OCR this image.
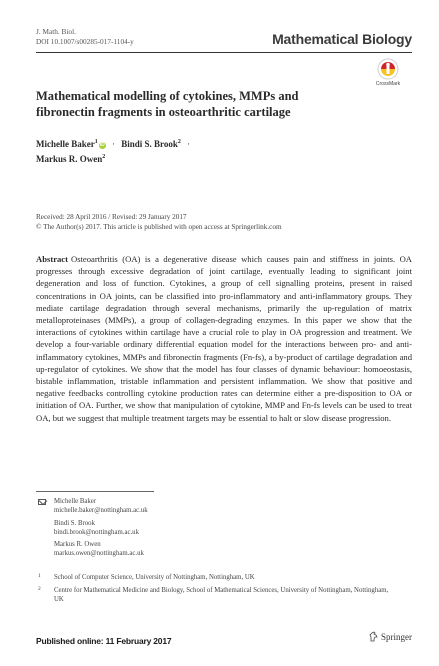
J. Math. Biol.
DOI 10.1007/s00285-017-1104-y	Mathematical Biology
CrossMark
Mathematical modelling of cytokines, MMPs and fibronectin fragments in osteoarthritic cartilage
Michelle Baker$^1$ iD · Bindi S. Brook$^2$ ·
Markus R. Owen$^2$
Received: 28 April 2016 / Revised: 29 January 2017
© The Author(s) 2017. This article is published with open access at Springerlink.com
Abstract Osteoarthritis (OA) is a degenerative disease which causes pain and stiffness in joints. OA progresses through excessive degradation of joint cartilage, eventually leading to significant joint degeneration and loss of function. Cytokines, a group of cell signalling proteins, present in raised concentrations in OA joints, can be classified into pro-inflammatory and anti-inflammatory groups. They mediate cartilage degradation through several mechanisms, primarily the up-regulation of matrix metalloproteinases (MMPs), a group of collagen-degrading enzymes. In this paper we show that the interactions of cytokines within cartilage have a crucial role to play in OA progression and treatment. We develop a four-variable ordinary differential equation model for the interactions between pro- and anti-inflammatory cytokines, MMPs and fibronectin fragments (Fn-fs), a by-product of cartilage degradation and up-regulator of cytokines. We show that the model has four classes of dynamic behaviour: homoeostasis, bistable inflammation, tristable inflammation and persistent inflammation. We show that positive and negative feedbacks controlling cytokine production rates can determine either a pre-disposition to OA or initiation of OA. Further, we show that manipulation of cytokine, MMP and Fn-fs levels can be used to treat OA, but we suggest that multiple treatment targets may be essential to halt or slow disease progression.
Michelle Baker
michelle.baker@nottingham.ac.uk
Bindi S. Brook
bindi.brook@nottingham.ac.uk
Markus R. Owen
markus.owen@nottingham.ac.uk
1 School of Computer Science, University of Nottingham, Nottingham, UK
2 Centre for Mathematical Medicine and Biology, School of Mathematical Sciences, University of Nottingham, Nottingham, UK
Published online: 11 February 2017	Springer
